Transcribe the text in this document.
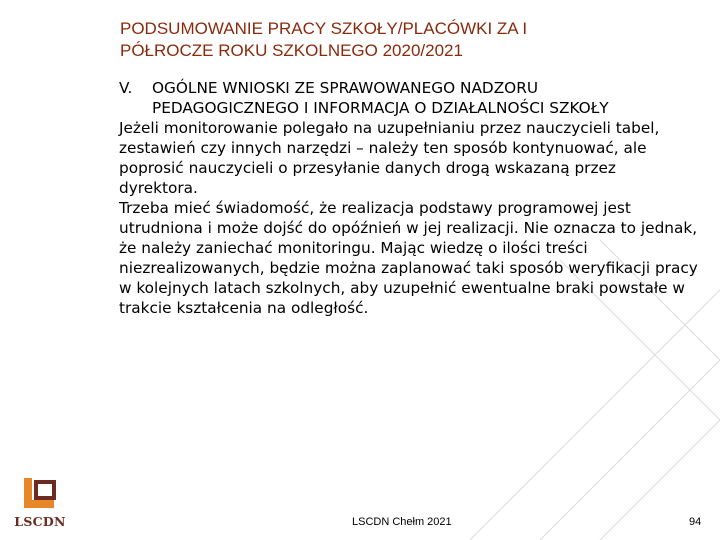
PODSUMOWANIE PRACY SZKOŁY/PLACÓWKI ZA I
PÓŁROCZE ROKU SZKOLNEGO 2020/2021
V. OGÓLNE WNIOSKI ZE SPRAWOWANEGO NADZORU
PEDAGOGICZNEGO I INFORMACJA O DZIAŁALNOŚCI SZKOŁY
Jeżeli monitorowanie polegało na uzupełnianiu przez nauczycieli tabel, zestawień czy innych narzędzi – należy ten sposób kontynuować, ale poprosić nauczycieli o przesyłanie danych drogą wskazaną przez dyrektora.
Trzeba mieć świadomość, że realizacja podstawy programowej jest utrudniona i może dojść do opóźnień w jej realizacji. Nie oznacza to jednak, że należy zaniechać monitoringu. Mając wiedzę o ilości treści niezrealizowanych, będzie można zaplanować taki sposób weryfikacji pracy w kolejnych latach szkolnych, aby uzupełnić ewentualne braki powstałe w trakcie kształcenia na odległość.
LSCDN	LSCDN Chełm 2021	94
